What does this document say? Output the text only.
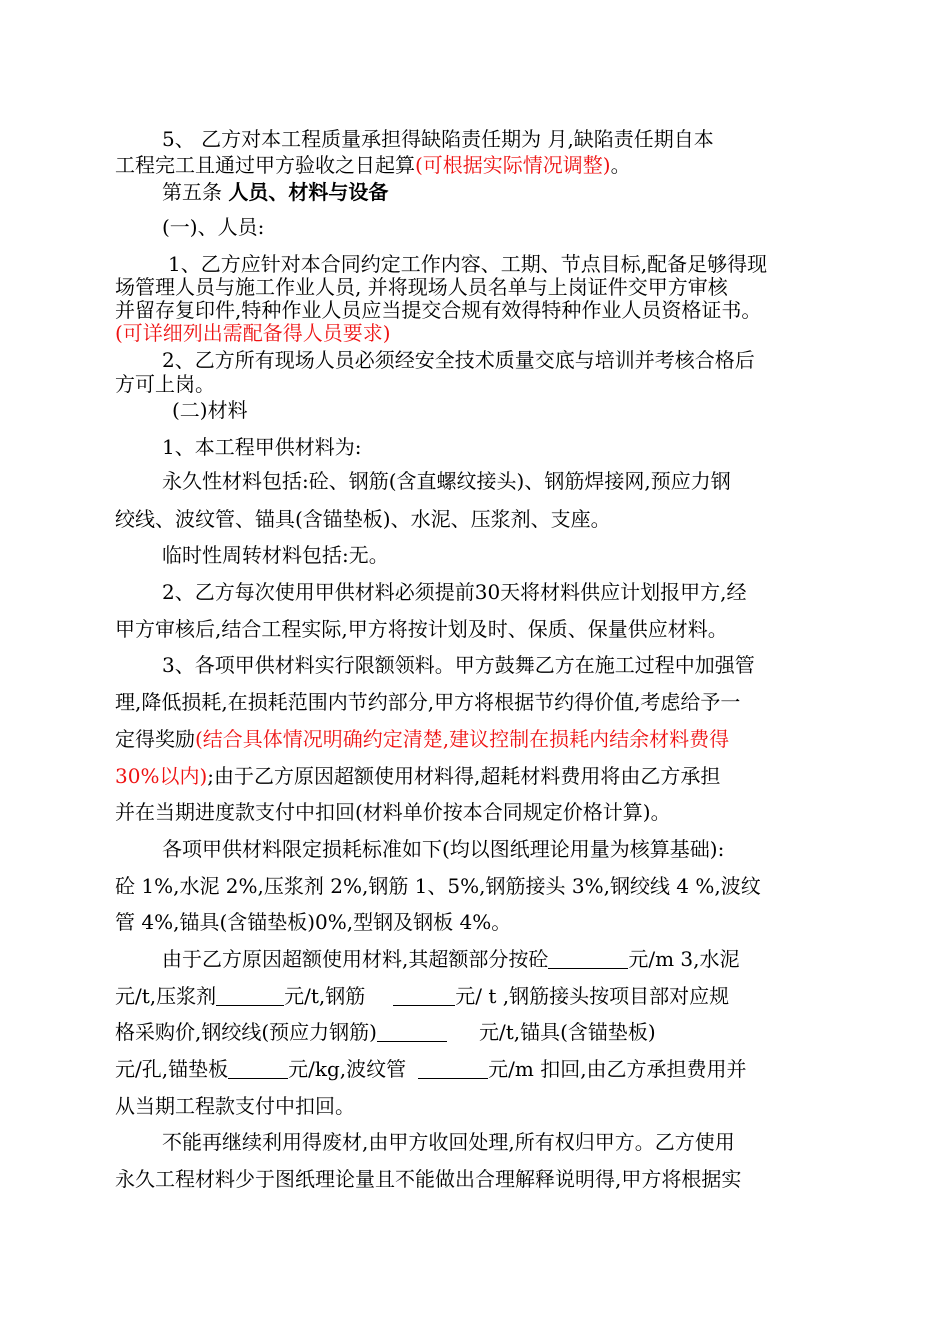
5、 乙方对本工程质量承担得缺陷责任期为 月,缺陷责任期自本
工程完工且通过甲方验收之日起算(可根据实际情况调整)。
第五条 人员、材料与设备
(一)、人员:
1、乙方应针对本合同约定工作内容、工期、节点目标,配备足够得现
场管理人员与施工作业人员, 并将现场人员名单与上岗证件交甲方审核
并留存复印件,特种作业人员应当提交合规有效得特种作业人员资格证书。
(可详细列出需配备得人员要求)
2、乙方所有现场人员必须经安全技术质量交底与培训并考核合格后
方可上岗。
(二)材料
1、本工程甲供材料为:
永久性材料包括:砼、钢筋(含直螺纹接头)、钢筋焊接网,预应力钢
绞线、波纹管、锚具(含锚垫板)、水泥、压浆剂、支座。
临时性周转材料包括:无。
2、乙方每次使用甲供材料必须提前30天将材料供应计划报甲方,经
甲方审核后,结合工程实际,甲方将按计划及时、保质、保量供应材料。
3、各项甲供材料实行限额领料。甲方鼓舞乙方在施工过程中加强管
理,降低损耗,在损耗范围内节约部分,甲方将根据节约得价值,考虑给予一
定得奖励(结合具体情况明确约定清楚,建议控制在损耗内结余材料费得
30%以内);由于乙方原因超额使用材料得,超耗材料费用将由乙方承担
并在当期进度款支付中扣回(材料单价按本合同规定价格计算)。
各项甲供材料限定损耗标准如下(均以图纸理论用量为核算基础):
砼 1%,水泥 2%,压浆剂 2%,钢筋 1、5%,钢筋接头 3%,钢绞线 4 %,波纹
管 4%,锚具(含锚垫板)0%,型钢及钢板 4%。
由于乙方原因超额使用材料,其超额部分按砼	元/m 3,水泥
元/t,压浆剂	元/t,钢筋	元/ t ,钢筋接头按项目部对应规
格采购价,钢绞线(预应力钢筋)	元/t,锚具(含锚垫板)
元/孔,锚垫板	元/kg,波纹管	元/m 扣回,由乙方承担费用并
从当期工程款支付中扣回。
不能再继续利用得废材,由甲方收回处理,所有权归甲方。乙方使用
永久工程材料少于图纸理论量且不能做出合理解释说明得,甲方将根据实
